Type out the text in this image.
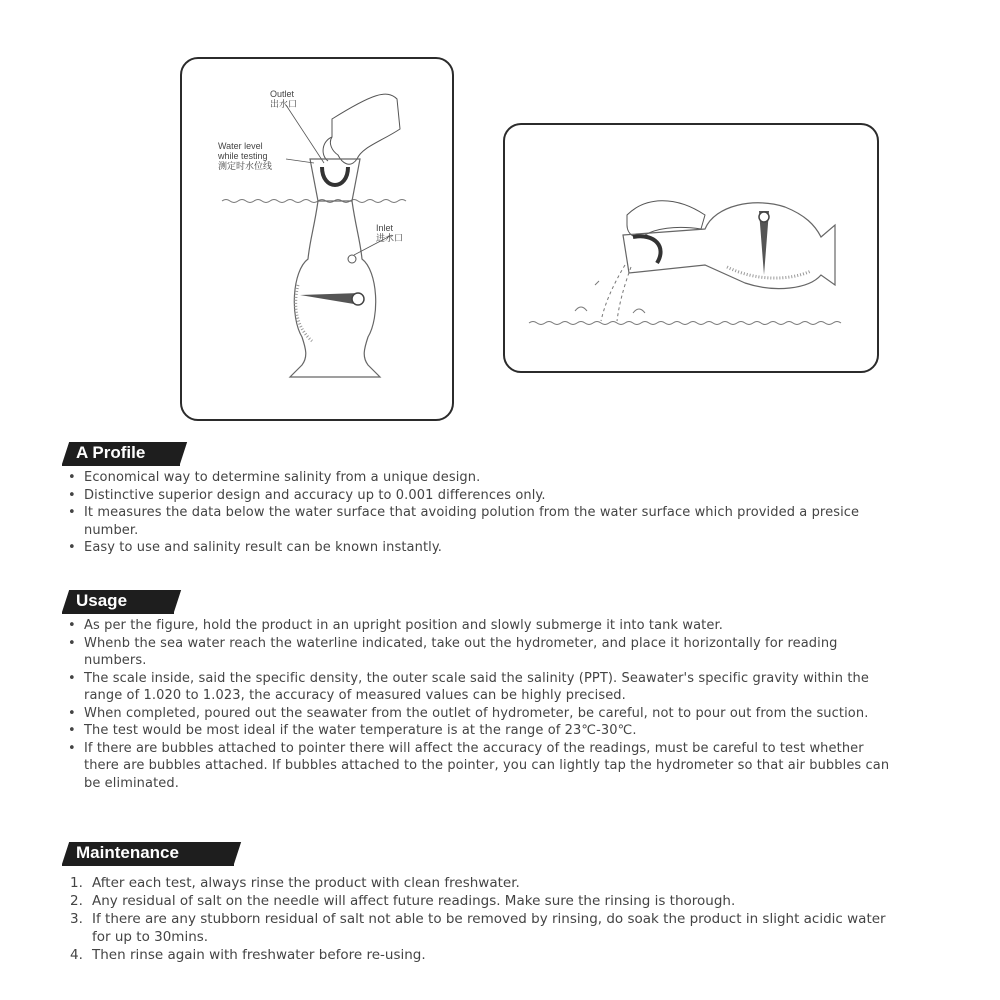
Outlet
出水口
Water level
while testing
测定时水位线
Inlet
进水口
A Profile
• Economical way to determine salinity from a unique design.
• Distinctive superior design and accuracy up to 0.001 differences only.
• It measures the data below the water surface that avoiding polution from the water surface which provided a presice number.
• Easy to use and salinity result can be known instantly.
Usage
• As per the figure, hold the product in an upright position and slowly submerge it into tank water.
• Whenb the sea water reach the waterline indicated, take out the hydrometer, and place it horizontally for reading numbers.
• The scale inside, said the specific density, the outer scale said the salinity (PPT). Seawater's specific gravity within the range of 1.020 to 1.023, the accuracy of measured values can be highly precised.
• When completed, poured out the seawater from the outlet of hydrometer, be careful, not to pour out from the suction.
• The test would be most ideal if the water temperature is at the range of 23℃-30℃.
• If there are bubbles attached to pointer there will affect the accuracy of the readings, must be careful to test whether there are bubbles attached. If bubbles attached to the pointer, you can lightly tap the hydrometer so that air bubbles can be eliminated.
Maintenance
1. After each test, always rinse the product with clean freshwater.
2. Any residual of salt on the needle will affect future readings. Make sure the rinsing is thorough.
3. If there are any stubborn residual of salt not able to be removed by rinsing, do soak the product in slight acidic water for up to 30mins.
4. Then rinse again with freshwater before re-using.
